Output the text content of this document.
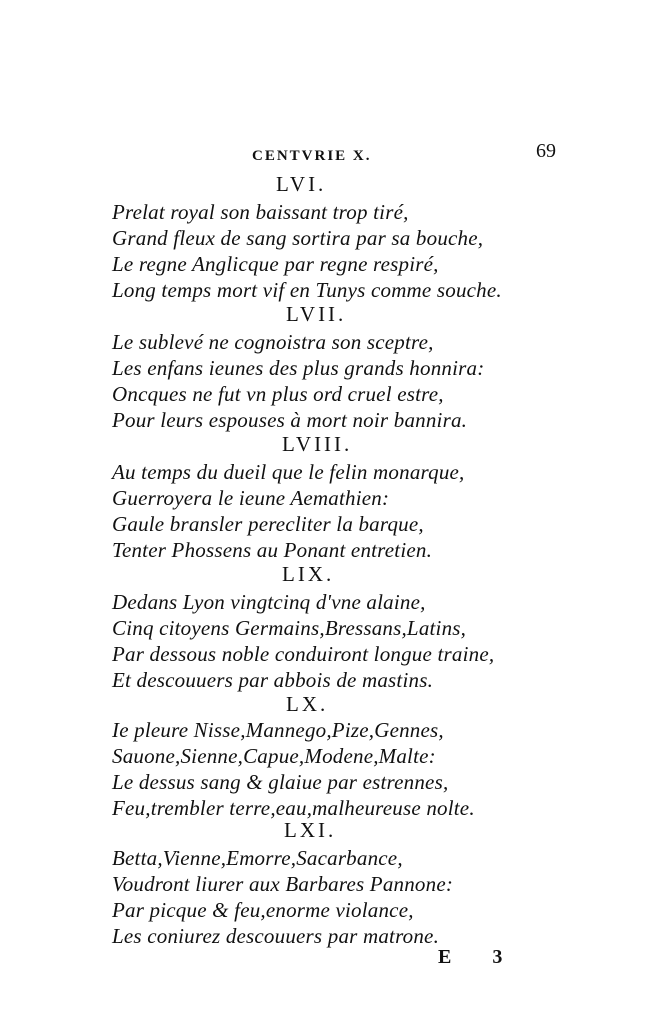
CENTVRIE X.	69
LVI.
Prelat royal son baissant trop tiré,
Grand fleux de sang sortira par sa bouche,
Le regne Anglicque par regne respiré,
Long temps mort vif en Tunys comme souche.
LVII.
Le sublevé ne cognoistra son sceptre,
Les enfans ieunes des plus grands honnira:
Oncques ne fut vn plus ord cruel estre,
Pour leurs espouses à mort noir bannira.
LVIII.
Au temps du dueil que le felin monarque,
Guerroyera le ieune Aemathien:
Gaule bransler perecliter la barque,
Tenter Phossens au Ponant entretien.
LIX.
Dedans Lyon vingtcinq d'vne alaine,
Cinq citoyens Germains,Bressans,Latins,
Par dessous noble conduiront longue traine,
Et descouuers par abbois de mastins.
LX.
Ie pleure Nisse,Mannego,Pize,Gennes,
Sauone,Sienne,Capue,Modene,Malte:
Le dessus sang & glaiue par estrennes,
Feu,trembler terre,eau,malheureuse nolte.
LXI.
Betta,Vienne,Emorre,Sacarbance,
Voudront liurer aux Barbares Pannone:
Par picque & feu,enorme violance,
Les coniurez descouuers par matrone.
E 3
